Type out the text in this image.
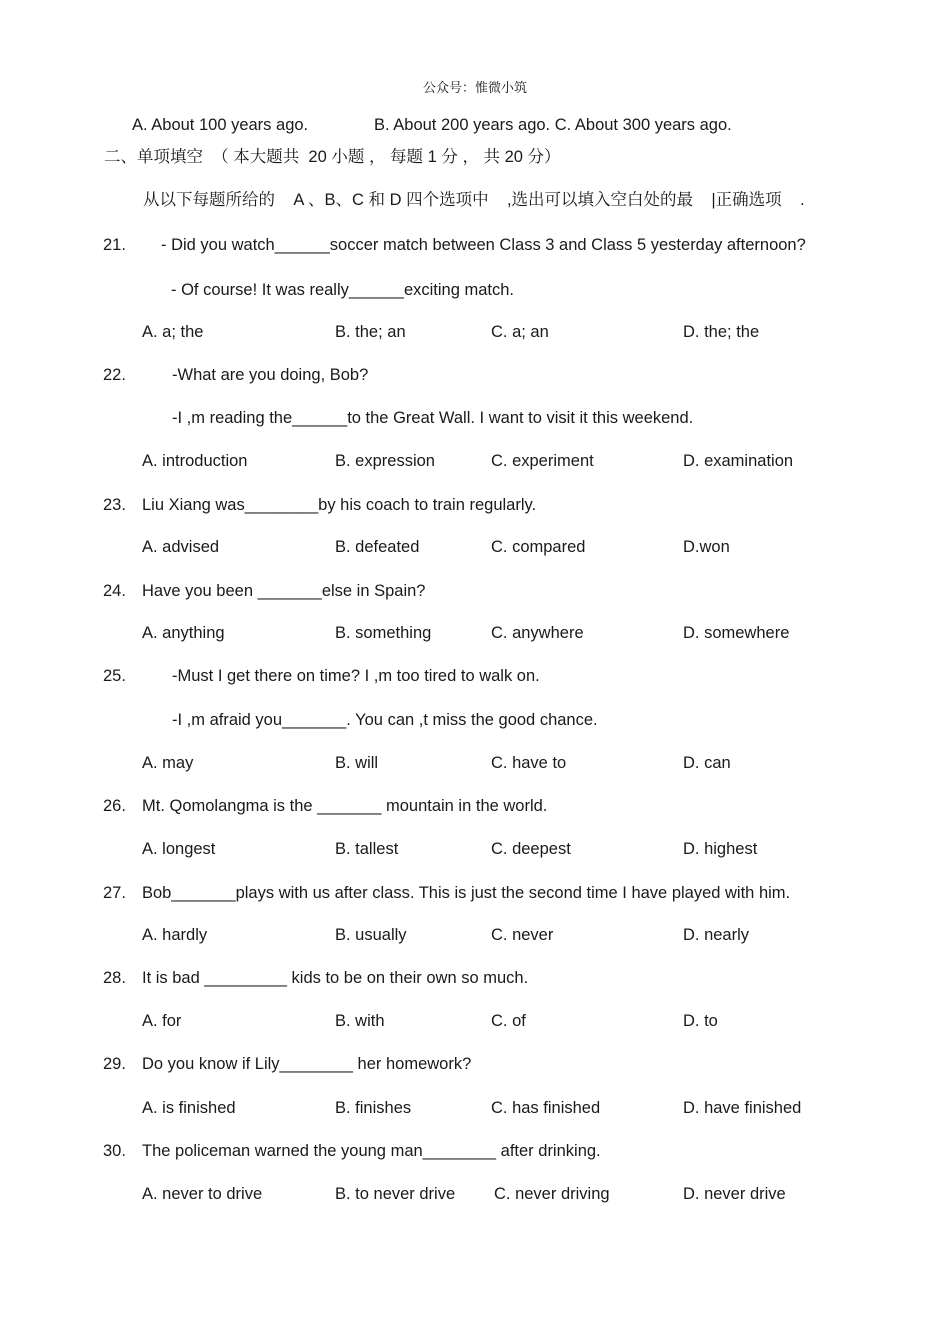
公众号：惟微小筑
A. About 100 years ago.	B. About 200 years ago. C. About 300 years ago.
二、单项填空  （ 本大题共  20 小题 ， 每题 1 分 ， 共 20 分）
从以下每题所给的    A 、B、C 和 D 四个选项中    ,选出可以填入空白处的最    |正确选项    .
21. - Did you watch______soccer match between Class 3 and Class 5 yesterday afternoon?
- Of course! It was really______exciting match.
A. a; the	B. the; an	C. a; an	D. the; the
22.	-What are you doing, Bob?
-I ,m reading the______to the Great Wall. I want to visit it this weekend.
A. introduction	B. expression	C. experiment	D. examination
23. Liu Xiang was________by his coach to train regularly.
A. advised	B. defeated	C. compared	D.won
24. Have you been _______else in Spain?
A. anything	B. something	C. anywhere	D. somewhere
25.	-Must I get there on time? I ,m too tired to walk on.
-I ,m afraid you_______. You can ,t miss the good chance.
A. may	B. will	C. have to	D. can
26. Mt. Qomolangma is the _______ mountain in the world.
A. longest	B. tallest	C. deepest	D. highest
27. Bob_______plays with us after class. This is just the second time I have played with him.
A. hardly	B. usually	C. never	D. nearly
28. It is bad _________ kids to be on their own so much.
A. for	B. with	C. of	D. to
29. Do you know if Lily________ her homework?
A. is finished	B. finishes	C. has finished	D. have finished
30. The policeman warned the young man________ after drinking.
A. never to drive	B. to never drive C. never driving	D. never drive
